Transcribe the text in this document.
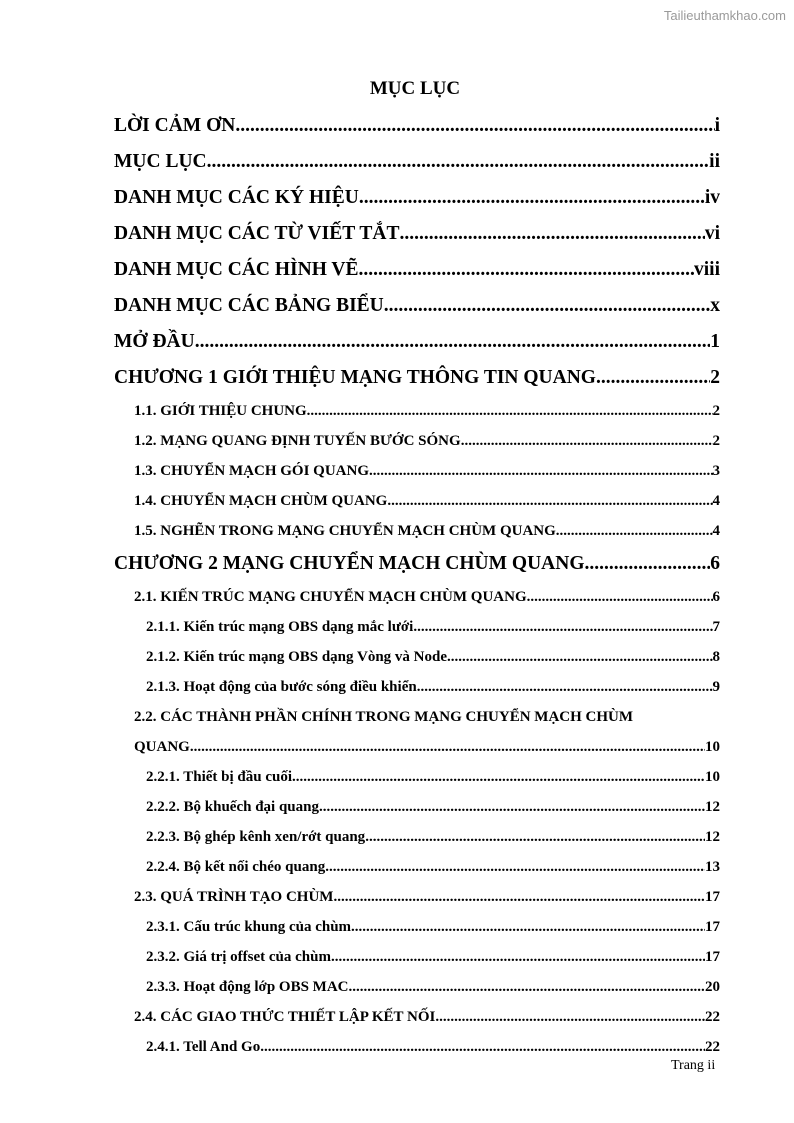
Tailieuthamkhao.com
MỤC LỤC
LỜI CẢM ƠN .....	i
MỤC LỤC .....	ii
DANH MỤC CÁC KÝ HIỆU .....	iv
DANH MỤC CÁC TỪ VIẾT TẮT .....	vi
DANH MỤC CÁC HÌNH VẼ .....	viii
DANH MỤC CÁC BẢNG BIỂU .....	x
MỞ ĐẦU .....	1
CHƯƠNG 1 GIỚI THIỆU MẠNG THÔNG TIN QUANG .....	2
1.1. GIỚI THIỆU CHUNG .....	2
1.2. MẠNG QUANG ĐỊNH TUYẾN BƯỚC SÓNG .....	2
1.3. CHUYỂN MẠCH GÓI QUANG .....	3
1.4. CHUYỂN MẠCH CHÙM QUANG .....	4
1.5. NGHẼN TRONG MẠNG CHUYỂN MẠCH CHÙM QUANG .....	4
CHƯƠNG 2 MẠNG CHUYỂN MẠCH CHÙM QUANG .....	6
2.1. KIẾN TRÚC MẠNG CHUYỂN MẠCH CHÙM QUANG .....	6
2.1.1. Kiến trúc mạng OBS dạng mắc lưới .....	7
2.1.2. Kiến trúc mạng OBS dạng Vòng và Node .....	8
2.1.3. Hoạt động của bước sóng điều khiển .....	9
2.2. CÁC THÀNH PHẦN CHÍNH TRONG MẠNG CHUYỂN MẠCH CHÙM
QUANG .....	10
2.2.1. Thiết bị đầu cuối .....	10
2.2.2. Bộ khuếch đại quang .....	12
2.2.3. Bộ ghép kênh xen/rớt quang .....	12
2.2.4. Bộ kết nối chéo quang .....	13
2.3. QUÁ TRÌNH TẠO CHÙM .....	17
2.3.1. Cấu trúc khung của chùm .....	17
2.3.2. Giá trị offset của chùm .....	17
2.3.3. Hoạt động lớp OBS MAC .....	20
2.4. CÁC GIAO THỨC THIẾT LẬP KẾT NỐI .....	22
2.4.1. Tell And Go .....	22
Trang ii
